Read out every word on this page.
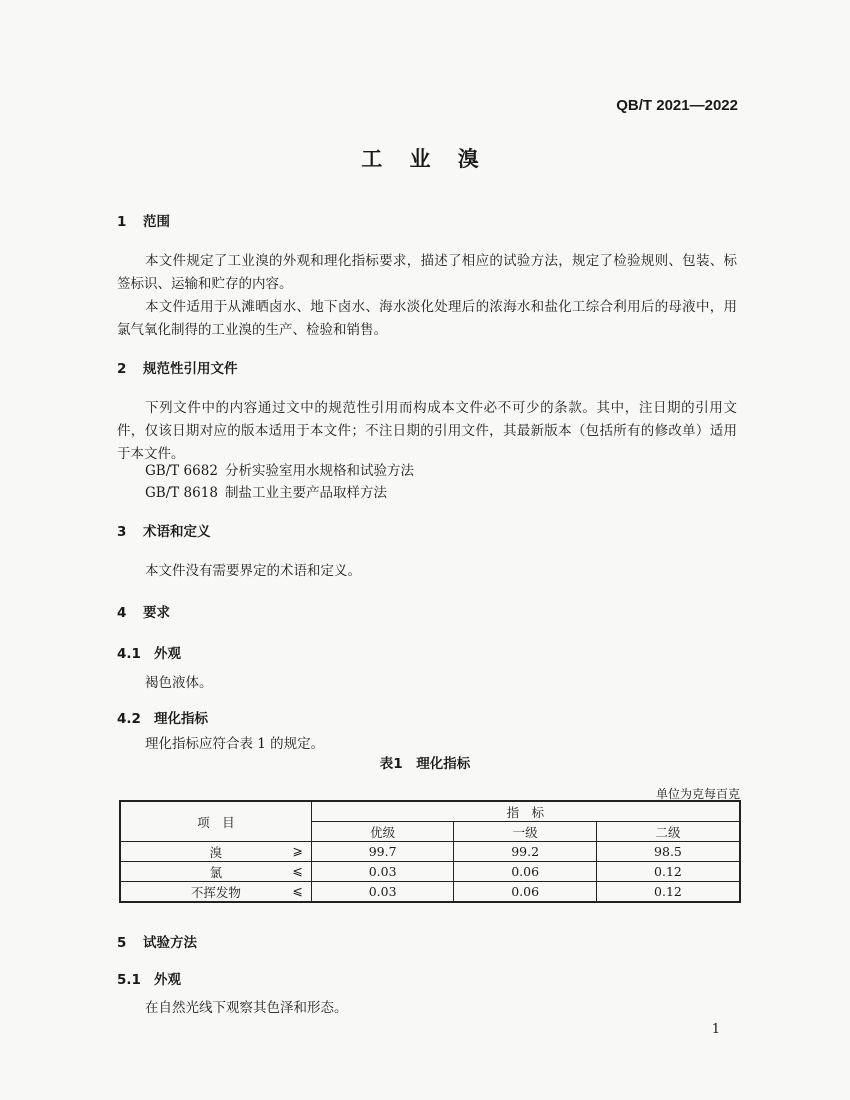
QB/T 2021—2022
工 业 溴
1 范围
本文件规定了工业溴的外观和理化指标要求，描述了相应的试验方法，规定了检验规则、包装、标签标识、运输和贮存的内容。
本文件适用于从滩晒卤水、地下卤水、海水淡化处理后的浓海水和盐化工综合利用后的母液中，用氯气氧化制得的工业溴的生产、检验和销售。
2 规范性引用文件
下列文件中的内容通过文中的规范性引用而构成本文件必不可少的条款。其中，注日期的引用文件，仅该日期对应的版本适用于本文件；不注日期的引用文件，其最新版本（包括所有的修改单）适用于本文件。
GB/T 6682 分析实验室用水规格和试验方法
GB/T 8618 制盐工业主要产品取样方法
3 术语和定义
本文件没有需要界定的术语和定义。
4 要求
4.1 外观
褐色液体。
4.2 理化指标
理化指标应符合表 1 的规定。
表1　理化指标
单位为克每百克
项　目	指　标		
	优级	一级	二级
溴 ⩾	99.7	99.2	98.5
氯 ⩽	0.03	0.06	0.12
不挥发物 ⩽	0.03	0.06	0.12
5 试验方法
5.1 外观
在自然光线下观察其色泽和形态。
1
